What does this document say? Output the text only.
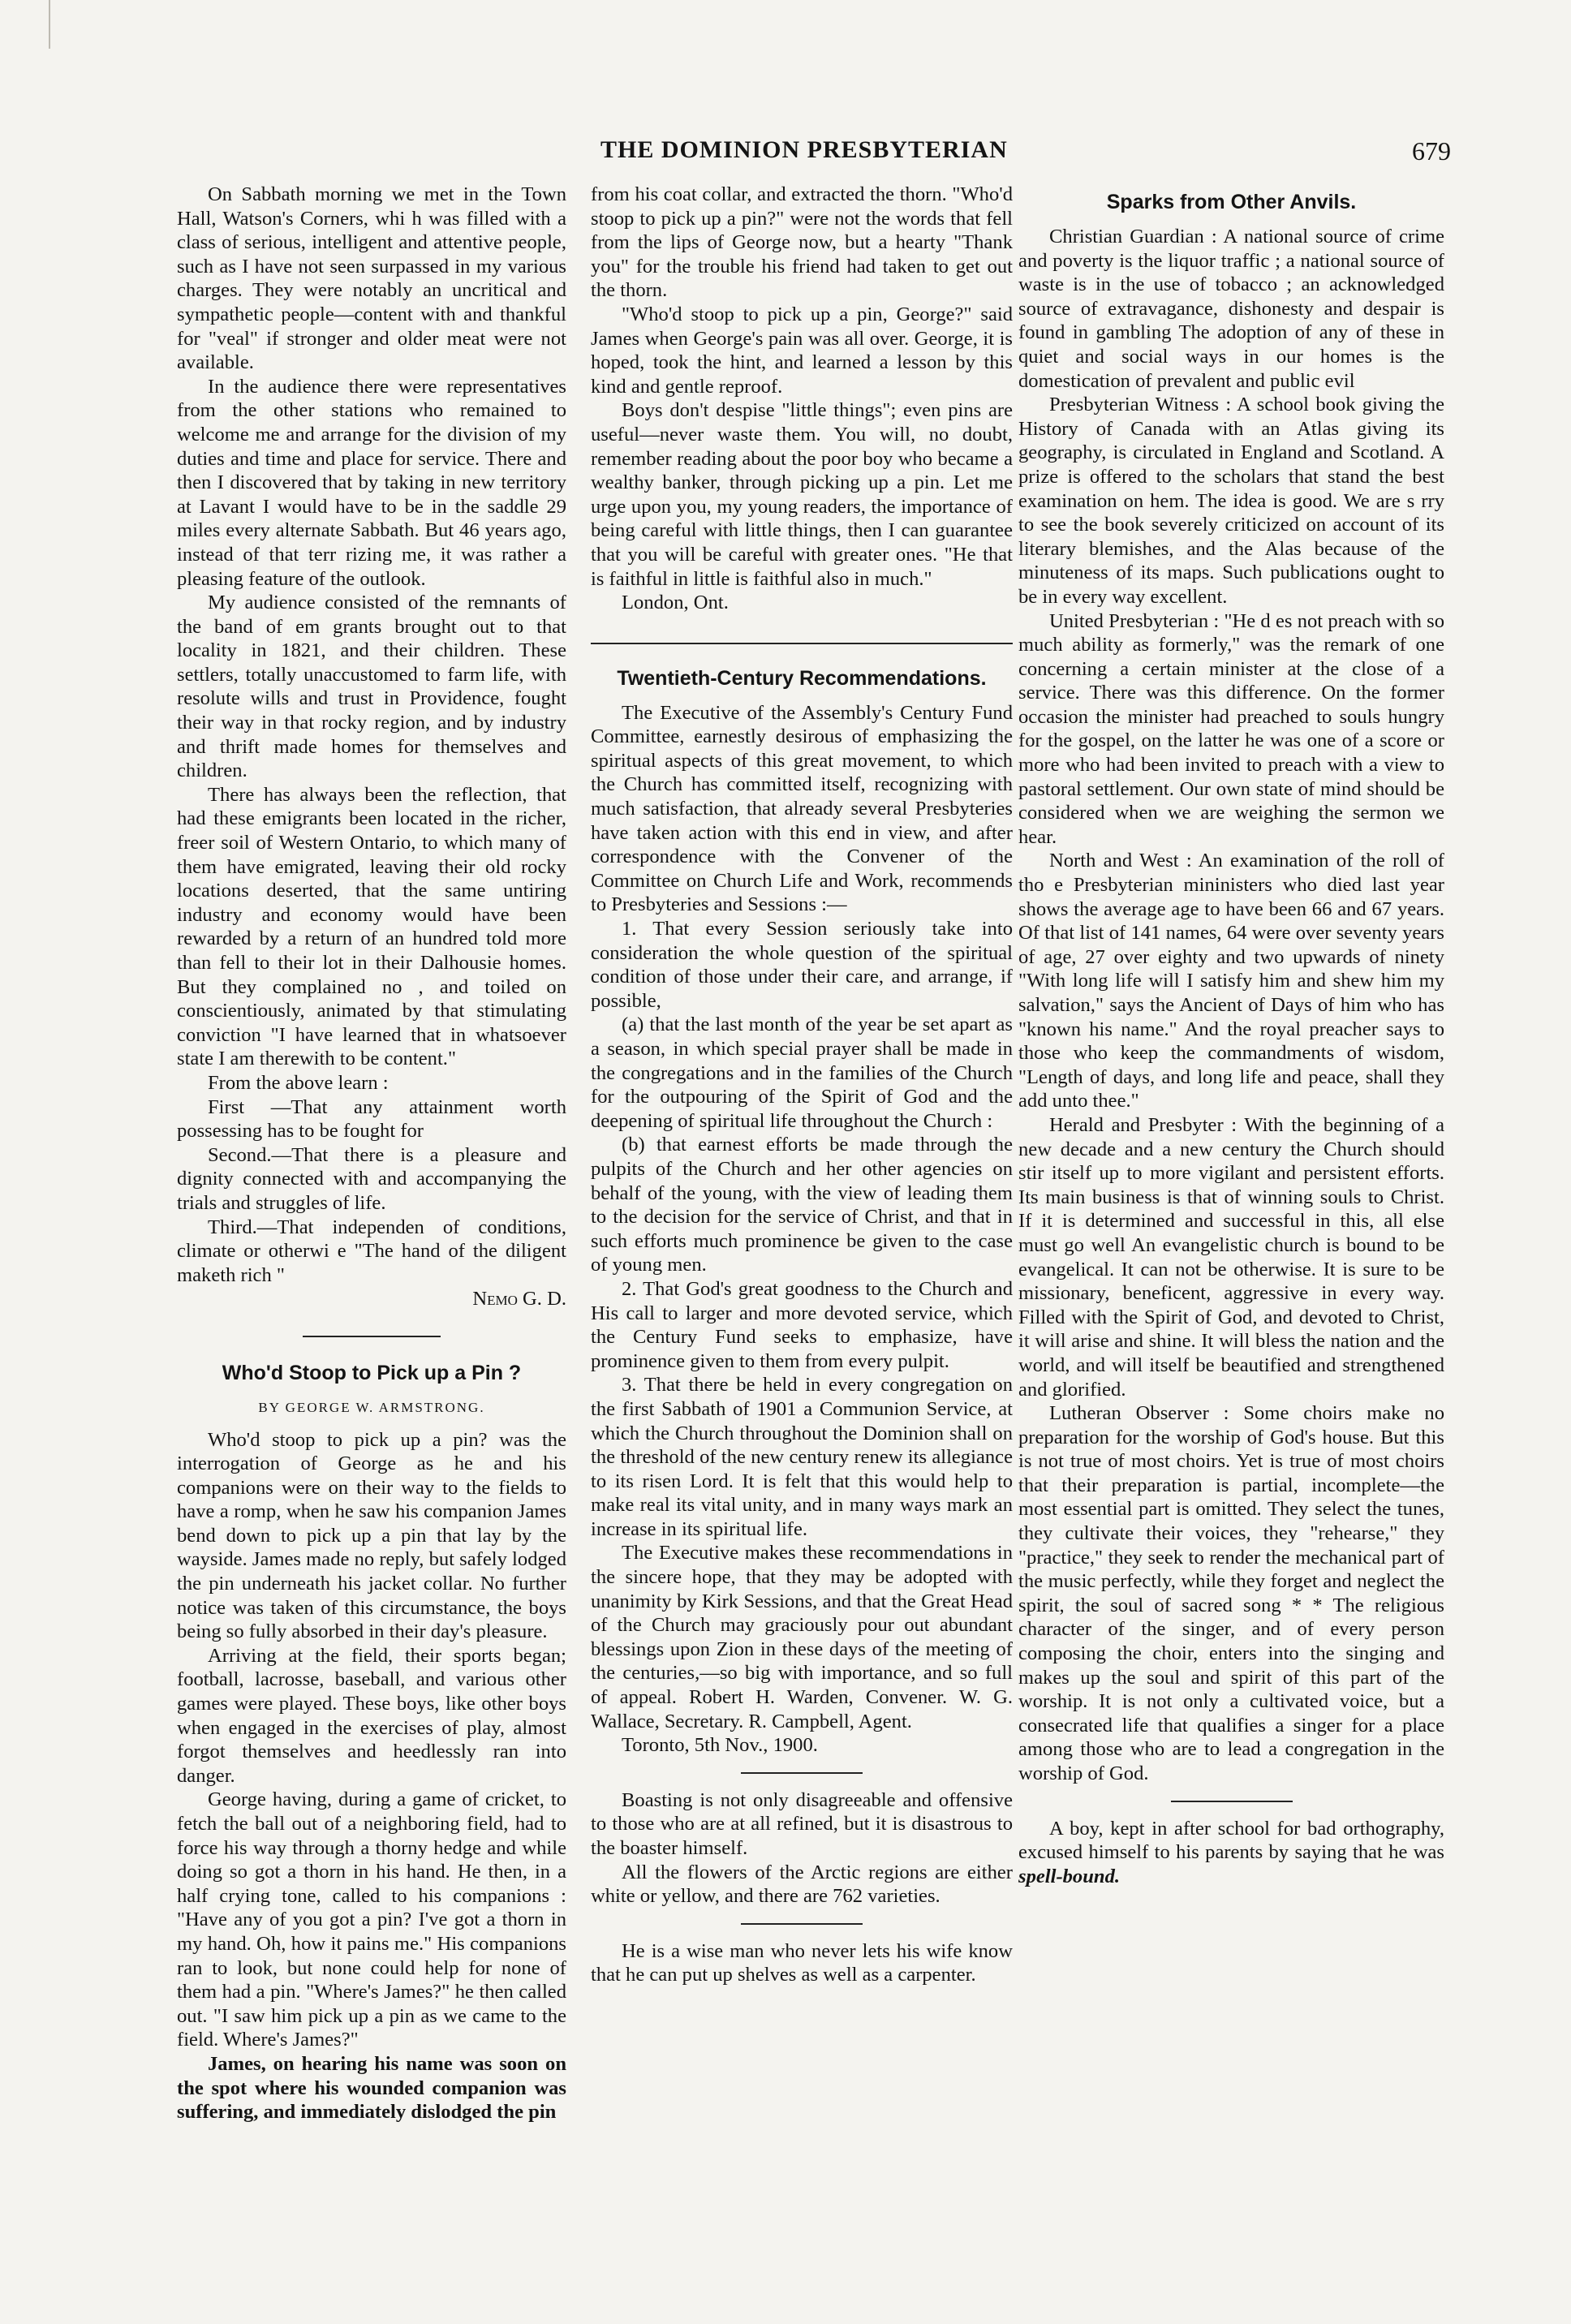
THE DOMINION PRESBYTERIAN	679

On Sabbath morning we met in the Town Hall, Watson's Corners, whi h was filled with a class of serious, intelligent and attentive people, such as I have not seen surpassed in my various charges. They were notably an uncritical and sympathetic people—content with and thankful for "veal" if stronger and older meat were not available.

In the audience there were representatives from the other stations who remained to welcome me and arrange for the division of my duties and time and place for service. There and then I discovered that by taking in new territory at Lavant I would have to be in the saddle 29 miles every alternate Sabbath. But 46 years ago, instead of that terr rizing me, it was rather a pleasing feature of the outlook.

My audience consisted of the remnants of the band of em grants brought out to that locality in 1821, and their children. These settlers, totally unaccustomed to farm life, with resolute wills and trust in Providence, fought their way in that rocky region, and by industry and thrift made homes for themselves and children.

There has always been the reflection, that had these emigrants been located in the richer, freer soil of Western Ontario, to which many of them have emigrated, leaving their old rocky locations deserted, that the same untiring industry and economy would have been rewarded by a return of an hundred told more than fell to their lot in their Dalhousie homes. But they complained no , and toiled on conscientiously, animated by that stimulating conviction "I have learned that in whatsoever state I am therewith to be content."

From the above learn :

First —That any attainment worth possessing has to be fought for

Second.—That there is a pleasure and dignity connected with and accompanying the trials and struggles of life.

Third.—That independen of conditions, climate or otherwi e "The hand of the diligent maketh rich "

Nemo G. D.

Who'd Stoop to Pick up a Pin ?
BY GEORGE W. ARMSTRONG.

Who'd stoop to pick up a pin? was the interrogation of George as he and his companions were on their way to the fields to have a romp, when he saw his companion James bend down to pick up a pin that lay by the wayside. James made no reply, but safely lodged the pin underneath his jacket collar. No further notice was taken of this circumstance, the boys being so fully absorbed in their day's pleasure.

Arriving at the field, their sports began; football, lacrosse, baseball, and various other games were played. These boys, like other boys when engaged in the exercises of play, almost forgot themselves and heedlessly ran into danger.

George having, during a game of cricket, to fetch the ball out of a neighboring field, had to force his way through a thorny hedge and while doing so got a thorn in his hand. He then, in a half crying tone, called to his companions : "Have any of you got a pin? I've got a thorn in my hand. Oh, how it pains me." His companions ran to look, but none could help for none of them had a pin. "Where's James?" he then called out. "I saw him pick up a pin as we came to the field. Where's James?"

James, on hearing his name was soon on the spot where his wounded companion was suffering, and immediately dislodged the pin

from his coat collar, and extracted the thorn. "Who'd stoop to pick up a pin?" were not the words that fell from the lips of George now, but a hearty "Thank you" for the trouble his friend had taken to get out the thorn.

"Who'd stoop to pick up a pin, George?" said James when George's pain was all over. George, it is hoped, took the hint, and learned a lesson by this kind and gentle reproof.

Boys don't despise "little things"; even pins are useful—never waste them. You will, no doubt, remember reading about the poor boy who became a wealthy banker, through picking up a pin. Let me urge upon you, my young readers, the importance of being careful with little things, then I can guarantee that you will be careful with greater ones. "He that is faithful in little is faithful also in much."

London, Ont.

Twentieth-Century Recommendations.

The Executive of the Assembly's Century Fund Committee, earnestly desirous of emphasizing the spiritual aspects of this great movement, to which the Church has committed itself, recognizing with much satisfaction, that already several Presbyteries have taken action with this end in view, and after correspondence with the Convener of the Committee on Church Life and Work, recommends to Presbyteries and Sessions :—

1. That every Session seriously take into consideration the whole question of the spiritual condition of those under their care, and arrange, if possible,

(a) that the last month of the year be set apart as a season, in which special prayer shall be made in the congregations and in the families of the Church for the outpouring of the Spirit of God and the deepening of spiritual life throughout the Church :

(b) that earnest efforts be made through the pulpits of the Church and her other agencies on behalf of the young, with the view of leading them to the decision for the service of Christ, and that in such efforts much prominence be given to the case of young men.

2. That God's great goodness to the Church and His call to larger and more devoted service, which the Century Fund seeks to emphasize, have prominence given to them from every pulpit.

3. That there be held in every congregation on the first Sabbath of 1901 a Communion Service, at which the Church throughout the Dominion shall on the threshold of the new century renew its allegiance to its risen Lord. It is felt that this would help to make real its vital unity, and in many ways mark an increase in its spiritual life.

The Executive makes these recommendations in the sincere hope, that they may be adopted with unanimity by Kirk Sessions, and that the Great Head of the Church may graciously pour out abundant blessings upon Zion in these days of the meeting of the centuries,—so big with importance, and so full of appeal. Robert H. Warden, Convener. W. G. Wallace, Secretary. R. Campbell, Agent.

Toronto, 5th Nov., 1900.

Boasting is not only disagreeable and offensive to those who are at all refined, but it is disastrous to the boaster himself.

All the flowers of the Arctic regions are either white or yellow, and there are 762 varieties.

He is a wise man who never lets his wife know that he can put up shelves as well as a carpenter.

Sparks from Other Anvils.

Christian Guardian : A national source of crime and poverty is the liquor traffic ; a national source of waste is in the use of tobacco ; an acknowledged source of extravagance, dishonesty and despair is found in gambling The adoption of any of these in quiet and social ways in our homes is the domestication of prevalent and public evil

Presbyterian Witness : A school book giving the History of Canada with an Atlas giving its geography, is circulated in England and Scotland. A prize is offered to the scholars that stand the best examination on hem. The idea is good. We are s rry to see the book severely criticized on account of its literary blemishes, and the Alas because of the minuteness of its maps. Such publications ought to be in every way excellent.

United Presbyterian : "He d es not preach with so much ability as formerly," was the remark of one concerning a certain minister at the close of a service. There was this difference. On the former occasion the minister had preached to souls hungry for the gospel, on the latter he was one of a score or more who had been invited to preach with a view to pastoral settlement. Our own state of mind should be considered when we are weighing the sermon we hear.

North and West : An examination of the roll of tho e Presbyterian mininisters who died last year shows the average age to have been 66 and 67 years. Of that list of 141 names, 64 were over seventy years of age, 27 over eighty and two upwards of ninety "With long life will I satisfy him and shew him my salvation," says the Ancient of Days of him who has "known his name." And the royal preacher says to those who keep the commandments of wisdom, "Length of days, and long life and peace, shall they add unto thee."

Herald and Presbyter : With the beginning of a new decade and a new century the Church should stir itself up to more vigilant and persistent efforts. Its main business is that of winning souls to Christ. If it is determined and successful in this, all else must go well An evangelistic church is bound to be evangelical. It can not be otherwise. It is sure to be missionary, beneficent, aggressive in every way. Filled with the Spirit of God, and devoted to Christ, it will arise and shine. It will bless the nation and the world, and will itself be beautified and strengthened and glorified.

Lutheran Observer : Some choirs make no preparation for the worship of God's house. But this is not true of most choirs. Yet is true of most choirs that their preparation is partial, incomplete—the most essential part is omitted. They select the tunes, they cultivate their voices, they "rehearse," they "practice," they seek to render the mechanical part of the music perfectly, while they forget and neglect the spirit, the soul of sacred song * * The religious character of the singer, and of every person composing the choir, enters into the singing and makes up the soul and spirit of this part of the worship. It is not only a cultivated voice, but a consecrated life that qualifies a singer for a place among those who are to lead a congregation in the worship of God.

A boy, kept in after school for bad orthography, excused himself to his parents by saying that he was spell-bound.
